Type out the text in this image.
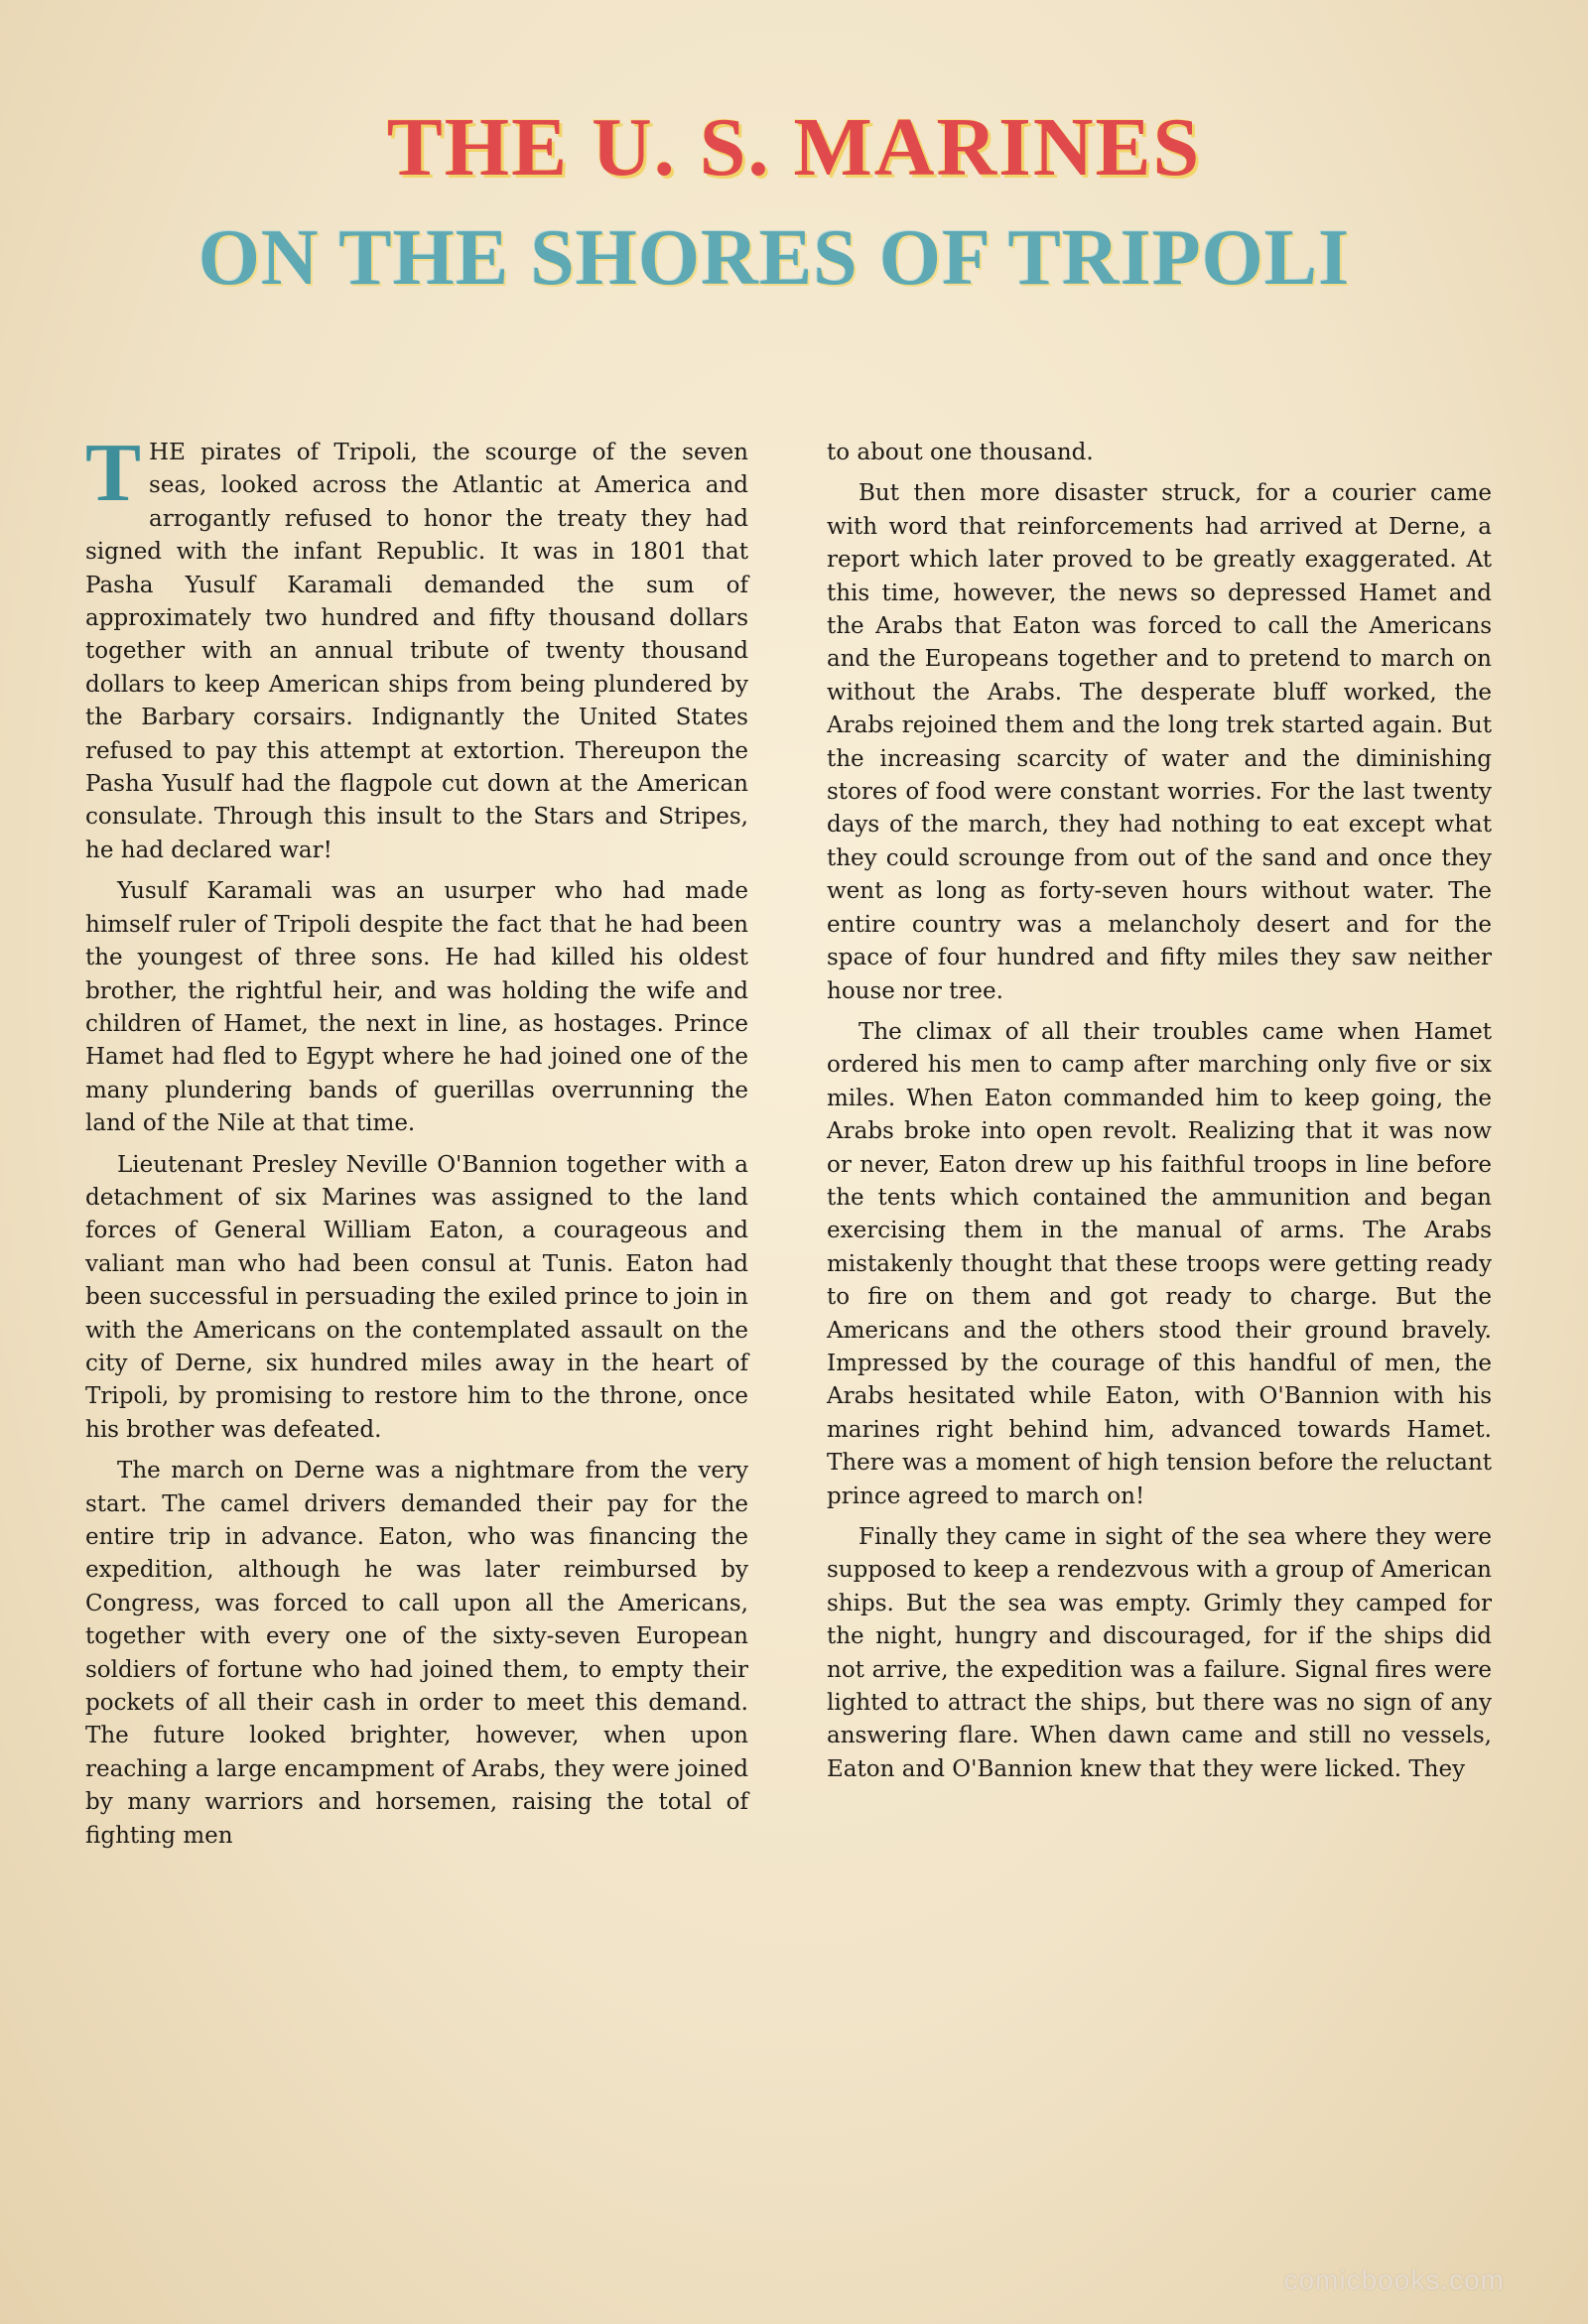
THE U. S. MARINES
ON THE SHORES OF TRIPOLI

THE pirates of Tripoli, the scourge of the seven seas, looked across the Atlantic at America and arrogantly refused to honor the treaty they had signed with the infant Republic. It was in 1801 that Pasha Yusulf Karamali demanded the sum of approximately two hundred and fifty thousand dollars together with an annual tribute of twenty thousand dollars to keep American ships from being plundered by the Barbary corsairs. Indignantly the United States refused to pay this attempt at extortion. Thereupon the Pasha Yusulf had the flagpole cut down at the American consulate. Through this insult to the Stars and Stripes, he had declared war!

Yusulf Karamali was an usurper who had made himself ruler of Tripoli despite the fact that he had been the youngest of three sons. He had killed his oldest brother, the rightful heir, and was holding the wife and children of Hamet, the next in line, as hostages. Prince Hamet had fled to Egypt where he had joined one of the many plundering bands of guerillas overrunning the land of the Nile at that time.

Lieutenant Presley Neville O'Bannion together with a detachment of six Marines was assigned to the land forces of General William Eaton, a courageous and valiant man who had been consul at Tunis. Eaton had been successful in persuading the exiled prince to join in with the Americans on the contemplated assault on the city of Derne, six hundred miles away in the heart of Tripoli, by promising to restore him to the throne, once his brother was defeated.

The march on Derne was a nightmare from the very start. The camel drivers demanded their pay for the entire trip in advance. Eaton, who was financing the expedition, although he was later reimbursed by Congress, was forced to call upon all the Americans, together with every one of the sixty-seven European soldiers of fortune who had joined them, to empty their pockets of all their cash in order to meet this demand. The future looked brighter, however, when upon reaching a large encampment of Arabs, they were joined by many warriors and horsemen, raising the total of fighting men

to about one thousand.

But then more disaster struck, for a courier came with word that reinforcements had arrived at Derne, a report which later proved to be greatly exaggerated. At this time, however, the news so depressed Hamet and the Arabs that Eaton was forced to call the Americans and the Europeans together and to pretend to march on without the Arabs. The desperate bluff worked, the Arabs rejoined them and the long trek started again. But the increasing scarcity of water and the diminishing stores of food were constant worries. For the last twenty days of the march, they had nothing to eat except what they could scrounge from out of the sand and once they went as long as forty-seven hours without water. The entire country was a melancholy desert and for the space of four hundred and fifty miles they saw neither house nor tree.

The climax of all their troubles came when Hamet ordered his men to camp after marching only five or six miles. When Eaton commanded him to keep going, the Arabs broke into open revolt. Realizing that it was now or never, Eaton drew up his faithful troops in line before the tents which contained the ammunition and began exercising them in the manual of arms. The Arabs mistakenly thought that these troops were getting ready to fire on them and got ready to charge. But the Americans and the others stood their ground bravely. Impressed by the courage of this handful of men, the Arabs hesitated while Eaton, with O'Bannion with his marines right behind him, advanced towards Hamet. There was a moment of high tension before the reluctant prince agreed to march on!

Finally they came in sight of the sea where they were supposed to keep a rendezvous with a group of American ships. But the sea was empty. Grimly they camped for the night, hungry and discouraged, for if the ships did not arrive, the expedition was a failure. Signal fires were lighted to attract the ships, but there was no sign of any answering flare. When dawn came and still no vessels, Eaton and O'Bannion knew that they were licked. They

comicbooks.com
